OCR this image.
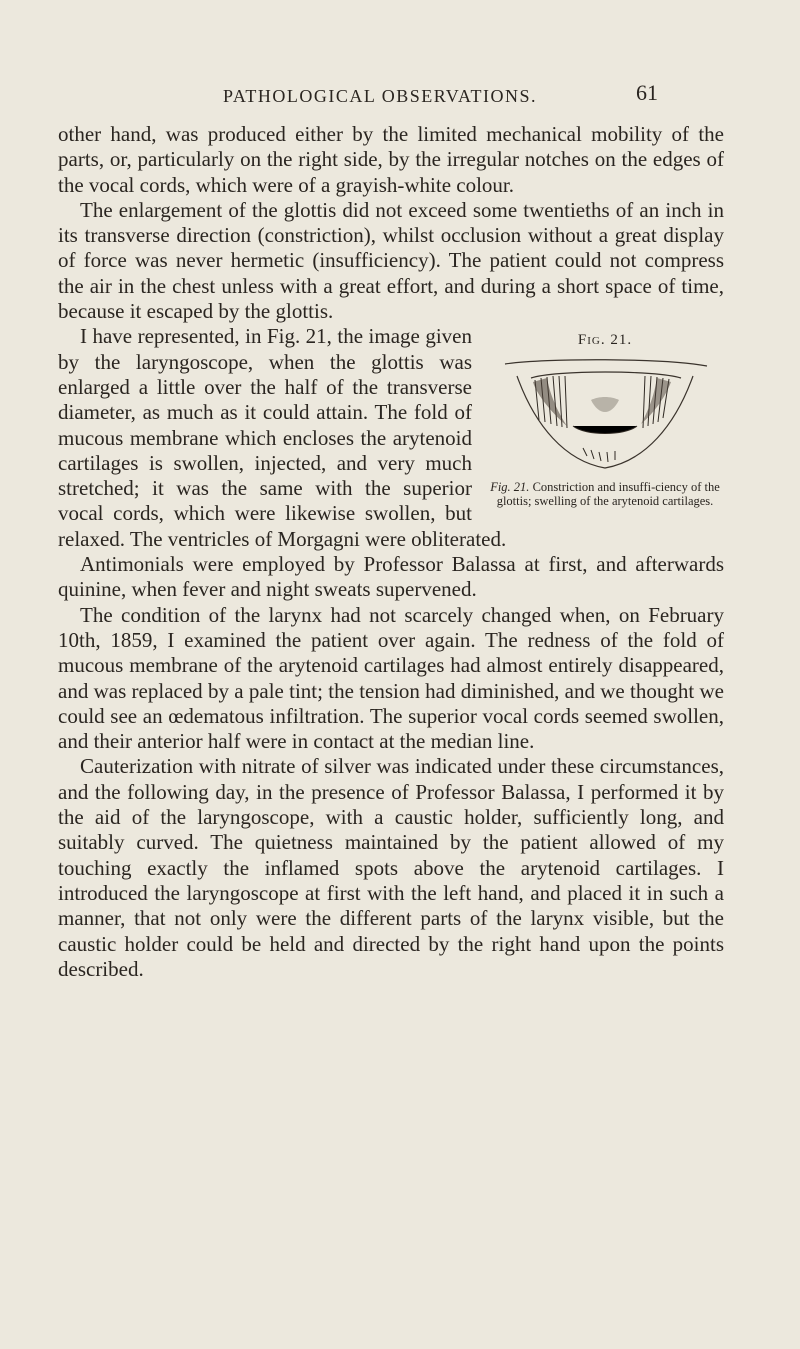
PATHOLOGICAL OBSERVATIONS.	61

other hand, was produced either by the limited mechanical mobility of the parts, or, particularly on the right side, by the irregular notches on the edges of the vocal cords, which were of a grayish-white colour.

The enlargement of the glottis did not exceed some twentieths of an inch in its transverse direction (constriction), whilst occlusion without a great display of force was never hermetic (insufficiency). The patient could not compress the air in the chest unless with a great effort, and during a short space of time, because it escaped by the glottis.

Fig. 21.
Fig. 21. Constriction and insuffi-ciency of the glottis; swelling of the arytenoid cartilages.

I have represented, in Fig. 21, the image given by the laryngoscope, when the glottis was enlarged a little over the half of the transverse diameter, as much as it could attain. The fold of mucous membrane which encloses the arytenoid cartilages is swollen, injected, and very much stretched; it was the same with the superior vocal cords, which were likewise swollen, but relaxed. The ventricles of Morgagni were obliterated.

Antimonials were employed by Professor Balassa at first, and afterwards quinine, when fever and night sweats supervened.

The condition of the larynx had not scarcely changed when, on February 10th, 1859, I examined the patient over again. The redness of the fold of mucous membrane of the arytenoid cartilages had almost entirely disappeared, and was replaced by a pale tint; the tension had diminished, and we thought we could see an œdematous infiltration. The superior vocal cords seemed swollen, and their anterior half were in contact at the median line.

Cauterization with nitrate of silver was indicated under these circumstances, and the following day, in the presence of Professor Balassa, I performed it by the aid of the laryngoscope, with a caustic holder, sufficiently long, and suitably curved. The quietness maintained by the patient allowed of my touching exactly the inflamed spots above the arytenoid cartilages. I introduced the laryngoscope at first with the left hand, and placed it in such a manner, that not only were the different parts of the larynx visible, but the caustic holder could be held and directed by the right hand upon the points described.
